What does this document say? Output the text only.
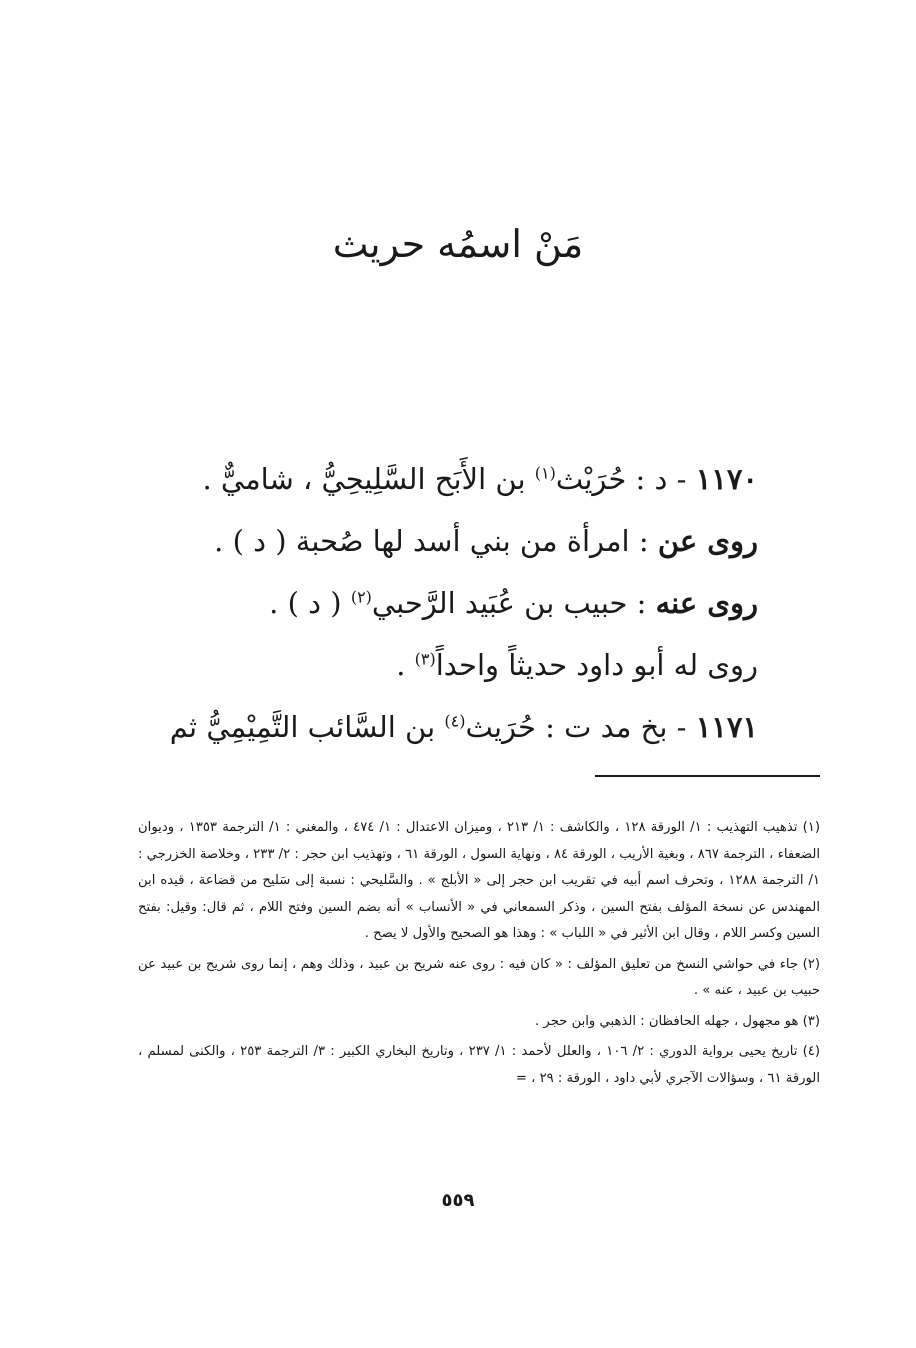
مَنْ اسمُه حريث
١١٧٠ - د : حُرَيْث$^{(١)}$ بن الأَبَح السَّلِيحِيُّ ، شاميٌّ .
روى عن : امرأة من بني أسد لها صُحبة ( د ) .
روى عنه : حبيب بن عُبَيد الرَّحبي$^{(٢)}$ ( د ) .
روى له أبو داود حديثاً واحداً$^{(٣)}$ .
١١٧١ - بخ مد ت : حُرَيث$^{(٤)}$ بن السَّائب التَّمِيْمِيُّ ثم

(١) تذهيب التهذيب : ١/ الورقة ١٢٨ ، والكاشف : ١/ ٢١٣ ، وميزان الاعتدال : ١/ ٤٧٤ ، والمغني : ١/ الترجمة ١٣٥٣ ، وديوان الضعفاء ، الترجمة ٨٦٧ ، وبغية الأريب ، الورقة ٨٤ ، ونهاية السول ، الورقة ٦١ ، وتهذيب ابن حجر : ٢/ ٢٣٣ ، وخلاصة الخزرجي : ١/ الترجمة ١٢٨٨ ، وتحرف اسم أبيه في تقريب ابن حجر إلى « الأبلج » . والسَّليحي : نسبة إلى سَليح من قضاعة ، قيده ابن المهندس عن نسخة المؤلف بفتح السين ، وذكر السمعاني في « الأنساب » أنه بضم السين وفتح اللام ، ثم قال: وقيل: بفتح السين وكسر اللام ، وقال ابن الأثير في « اللباب » : وهذا هو الصحيح والأول لا يصح .

(٢) جاء في حواشي النسخ من تعليق المؤلف : « كان فيه : روى عنه شريح بن عبيد ، وذلك وهم ، إنما روى شريح بن عبيد عن حبيب بن عبيد ، عنه » .

(٣) هو مجهول ، جهله الحافظان : الذهبي وابن حجر .

(٤) تاريخ يحيى برواية الدوري : ٢/ ١٠٦ ، والعلل لأحمد : ١/ ٢٣٧ ، وتاريخ البخاري الكبير : ٣/ الترجمة ٢٥٣ ، والكنى لمسلم ، الورقة ٦١ ، وسؤالات الآجري لأبي داود ، الورقة : ٢٩ ، =

٥٥٩
